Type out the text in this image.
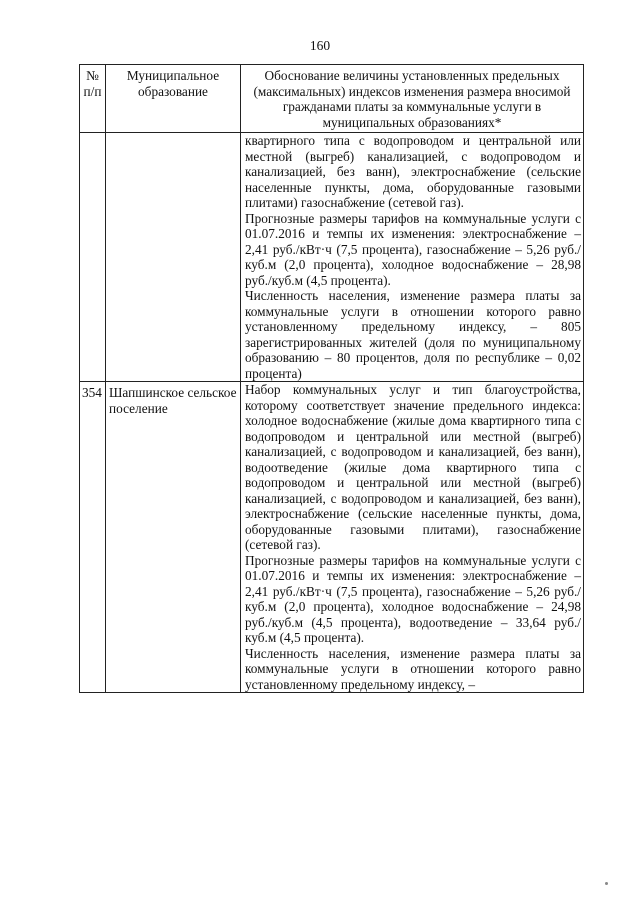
160
№ п/п	Муниципальное образование	Обоснование величины установленных предельных (максимальных) индексов изменения размера вносимой гражданами платы за коммунальные услуги в муниципальных образованиях*

		квартирного типа с водопроводом и центральной или местной (выгреб) канализацией, с водопроводом и канализацией, без ванн), электроснабжение (сельские населенные пункты, дома, оборудованные газовыми плитами) газоснабжение (сетевой газ).

Прогнозные размеры тарифов на коммунальные услуги с 01.07.2016 и темпы их изменения: электроснабжение – 2,41 руб./кВт·ч (7,5 процента), газоснабжение – 5,26 руб./куб.м (2,0 процента), холодное водоснабжение – 28,98 руб./куб.м (4,5 процента).

Численность населения, изменение размера платы за коммунальные услуги в отношении которого равно установленному предельному индексу, – 805 зарегистрированных жителей (доля по муниципальному образованию – 80 процентов, доля по республике – 0,02 процента)

354	Шапшинское сельское поселение	Набор коммунальных услуг и тип благоустройства, которому соответствует значение предельного индекса: холодное водоснабжение (жилые дома квартирного типа с водопроводом и центральной или местной (выгреб) канализацией, с водопроводом и канализацией, без ванн), водоотведение (жилые дома квартирного типа с водопроводом и центральной или местной (выгреб) канализацией, с водопроводом и канализацией, без ванн), электроснабжение (сельские населенные пункты, дома, оборудованные газовыми плитами), газоснабжение (сетевой газ).

Прогнозные размеры тарифов на коммунальные услуги с 01.07.2016 и темпы их изменения: электроснабжение – 2,41 руб./кВт·ч (7,5 процента), газоснабжение – 5,26 руб./куб.м (2,0 процента), холодное водоснабжение – 24,98 руб./куб.м (4,5 процента), водоотведение – 33,64 руб./куб.м (4,5 процента).

Численность населения, изменение размера платы за коммунальные услуги в отношении которого равно установленному предельному индексу, –
